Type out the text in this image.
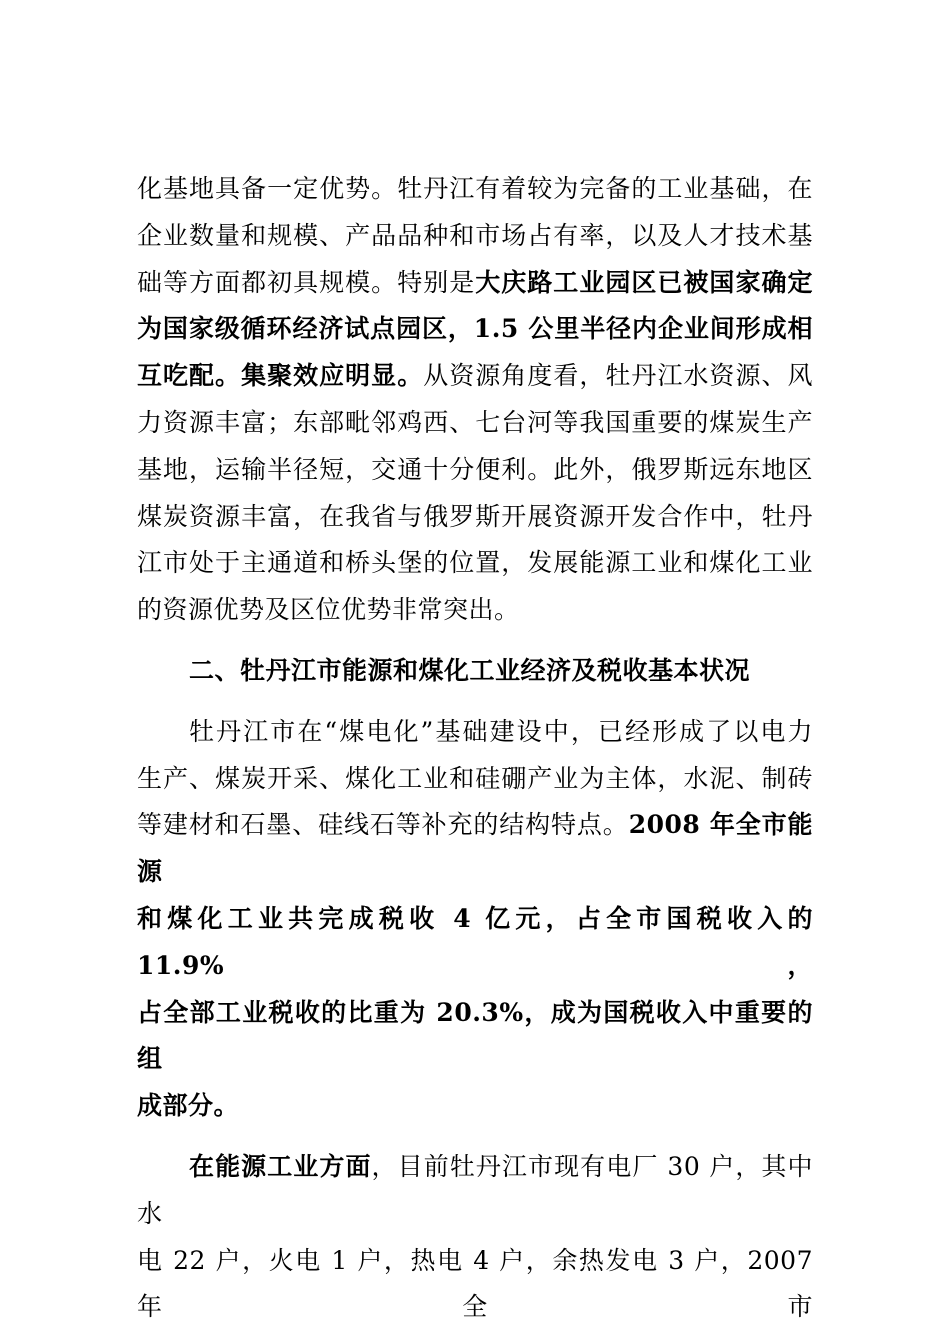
化基地具备一定优势。牡丹江有着较为完备的工业基础，在

企业数量和规模、产品品种和市场占有率，以及人才技术基

础等方面都初具规模。特别是大庆路工业园区已被国家确定

为国家级循环经济试点园区，1.5 公里半径内企业间形成相

互吃配。集聚效应明显。从资源角度看，牡丹江水资源、风

力资源丰富；东部毗邻鸡西、七台河等我国重要的煤炭生产

基地，运输半径短，交通十分便利。此外，俄罗斯远东地区

煤炭资源丰富，在我省与俄罗斯开展资源开发合作中，牡丹

江市处于主通道和桥头堡的位置，发展能源工业和煤化工业

的资源优势及区位优势非常突出。

二、牡丹江市能源和煤化工业经济及税收基本状况

牡丹江市在“煤电化”基础建设中，已经形成了以电力

生产、煤炭开采、煤化工业和硅硼产业为主体，水泥、制砖

等建材和石墨、硅线石等补充的结构特点。2008 年全市能源

和煤化工业共完成税收 4 亿元，占全市国税收入的 11.9%，

占全部工业税收的比重为 20.3%，成为国税收入中重要的组

成部分。

在能源工业方面，目前牡丹江市现有电厂 30 户，其中水

电 22 户，火电 1 户，热电 4 户，余热发电 3 户，2007 年全市
